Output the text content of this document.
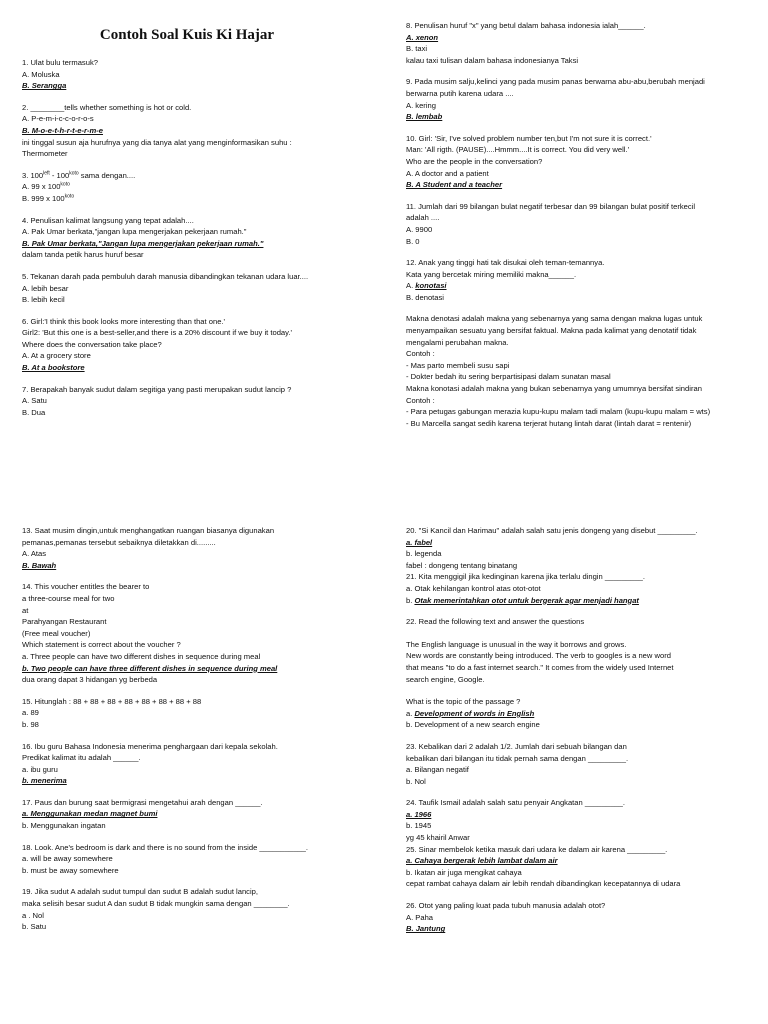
Contoh Soal Kuis Ki Hajar
1. Ulat bulu termasuk?
A. Moluska
B. Serangga
2. ________tells whether something is hot or cold.
A. P-e-m-i-c-c-o-r-o-s
B. M-o-e-t-h-r-t-e-r-m-e
ini tinggal susun aja hurufnya yang dia tanya alat yang menginformasikan suhu :
Thermometer
3. $100^{left} - 100^{koto}$ sama dengan....
A. 99 x $100^{koto}$
B. 999 x $100^{koto}$
4. Penulisan kalimat langsung yang tepat adalah....
A. Pak Umar berkata,"jangan lupa mengerjakan pekerjaan rumah."
B. Pak Umar berkata,"Jangan lupa mengerjakan pekerjaan rumah."
dalam tanda petik harus huruf besar
5. Tekanan darah pada pembuluh darah manusia dibandingkan tekanan udara luar....
A. lebih besar
B. lebih kecil
6. Girl:'I think this book looks more interesting than that one.'
Girl2: 'But this one is a best-seller,and there is a 20% discount if we buy it today.'
Where does the conversation take place?
A. At a grocery store
B. At a bookstore
7. Berapakah banyak sudut dalam segitiga yang pasti merupakan sudut lancip ?
A. Satu
B. Dua
8. Penulisan huruf "x" yang betul dalam bahasa indonesia ialah______.
A. xenon
B. taxi
kalau taxi tulisan dalam bahasa indonesianya Taksi
9. Pada musim salju,kelinci yang pada musim panas berwarna abu-abu,berubah menjadi
berwarna putih karena udara ....
A. kering
B. lembab
10. Girl: 'Sir, I've solved problem number ten,but I'm not sure it is correct.'
Man: 'All rigth. (PAUSE)....Hmmm....It is correct. You did very well.'
Who are the people in the conversation?
A. A doctor and a patient
B. A Student and a teacher
11. Jumlah dari 99 bilangan bulat negatif terbesar dan 99 bilangan bulat positif terkecil
adalah ....
A. 9900
B. 0
12. Anak yang tinggi hati tak disukai oleh teman-temannya.
Kata yang bercetak miring memiliki makna______.
A. konotasi
B. denotasi
Makna denotasi adalah makna yang sebenarnya yang sama dengan makna lugas untuk
menyampaikan sesuatu yang bersifat faktual. Makna pada kalimat yang denotatif tidak
mengalami perubahan makna.
Contoh :
- Mas parto membeli susu sapi
- Dokter bedah itu sering berpartisipasi dalam sunatan masal
Makna konotasi adalah makna yang bukan sebenarnya yang umumnya bersifat sindiran
Contoh :
- Para petugas gabungan merazia kupu-kupu malam tadi malam (kupu-kupu malam = wts)
- Bu Marcella sangat sedih karena terjerat hutang lintah darat (lintah darat = rentenir)
13. Saat musim dingin,untuk menghangatkan ruangan biasanya digunakan
pemanas,pemanas tersebut sebaiknya diletakkan di.........
A. Atas
B. Bawah
14. This voucher entitles the bearer to
a three-course meal for two
at
Parahyangan Restaurant
(Free meal voucher)
Which statement is correct about the voucher ?
a. Three people can have two different dishes in sequence during meal
b. Two people can have three different dishes in sequence during meal
dua orang dapat 3 hidangan yg berbeda
15. Hitunglah : 88 + 88 + 88 + 88 + 88 + 88 + 88 + 88
a. 89
b. 98
16. Ibu guru Bahasa Indonesia menerima penghargaan dari kepala sekolah.
Predikat kalimat itu adalah ______.
a. ibu guru
b. menerima
17. Paus dan burung saat bermigrasi mengetahui arah dengan ______.
a. Menggunakan medan magnet bumi
b. Menggunakan ingatan
18. Look. Ane's bedroom is dark and there is no sound from the inside ___________.
a. will be away somewhere
b. must be away somewhere
19. Jika sudut A adalah sudut tumpul dan sudut B adalah sudut lancip,
maka selisih besar sudut A dan sudut B tidak mungkin sama dengan ________.
a . Nol
b. Satu
20. "Si Kancil dan Harimau" adalah salah satu jenis dongeng yang disebut _________.
a. fabel
b. legenda
fabel : dongeng tentang binatang
21. Kita menggigil jika kedinginan karena jika terlalu dingin _________.
a. Otak kehilangan kontrol atas otot-otot
b. Otak memerintahkan otot untuk bergerak agar menjadi hangat
22. Read the following text and answer the questions
The English language is unusual in the way it borrows and grows.
New words are constantly being introduced. The verb to googles is a new word
that means "to do a fast internet search." It comes from the widely used Internet
search engine, Google.
What is the topic of the passage ?
a. Development of words in English
b. Development of a new search engine
23. Kebalikan dari 2 adalah 1/2. Jumlah dari sebuah bilangan dan
kebalikan dari bilangan itu tidak pernah sama dengan _________.
a. Bilangan negatif
b. Nol
24. Taufik Ismail adalah salah satu penyair Angkatan _________.
a. 1966
b. 1945
yg 45 khairil Anwar
25. Sinar membelok ketika masuk dari udara ke dalam air karena _________.
a. Cahaya bergerak lebih lambat dalam air
b. Ikatan air juga mengikat cahaya
cepat rambat cahaya dalam air lebih rendah dibandingkan kecepatannya di udara
26. Otot yang paling kuat pada tubuh manusia adalah otot?
A. Paha
B. Jantung
